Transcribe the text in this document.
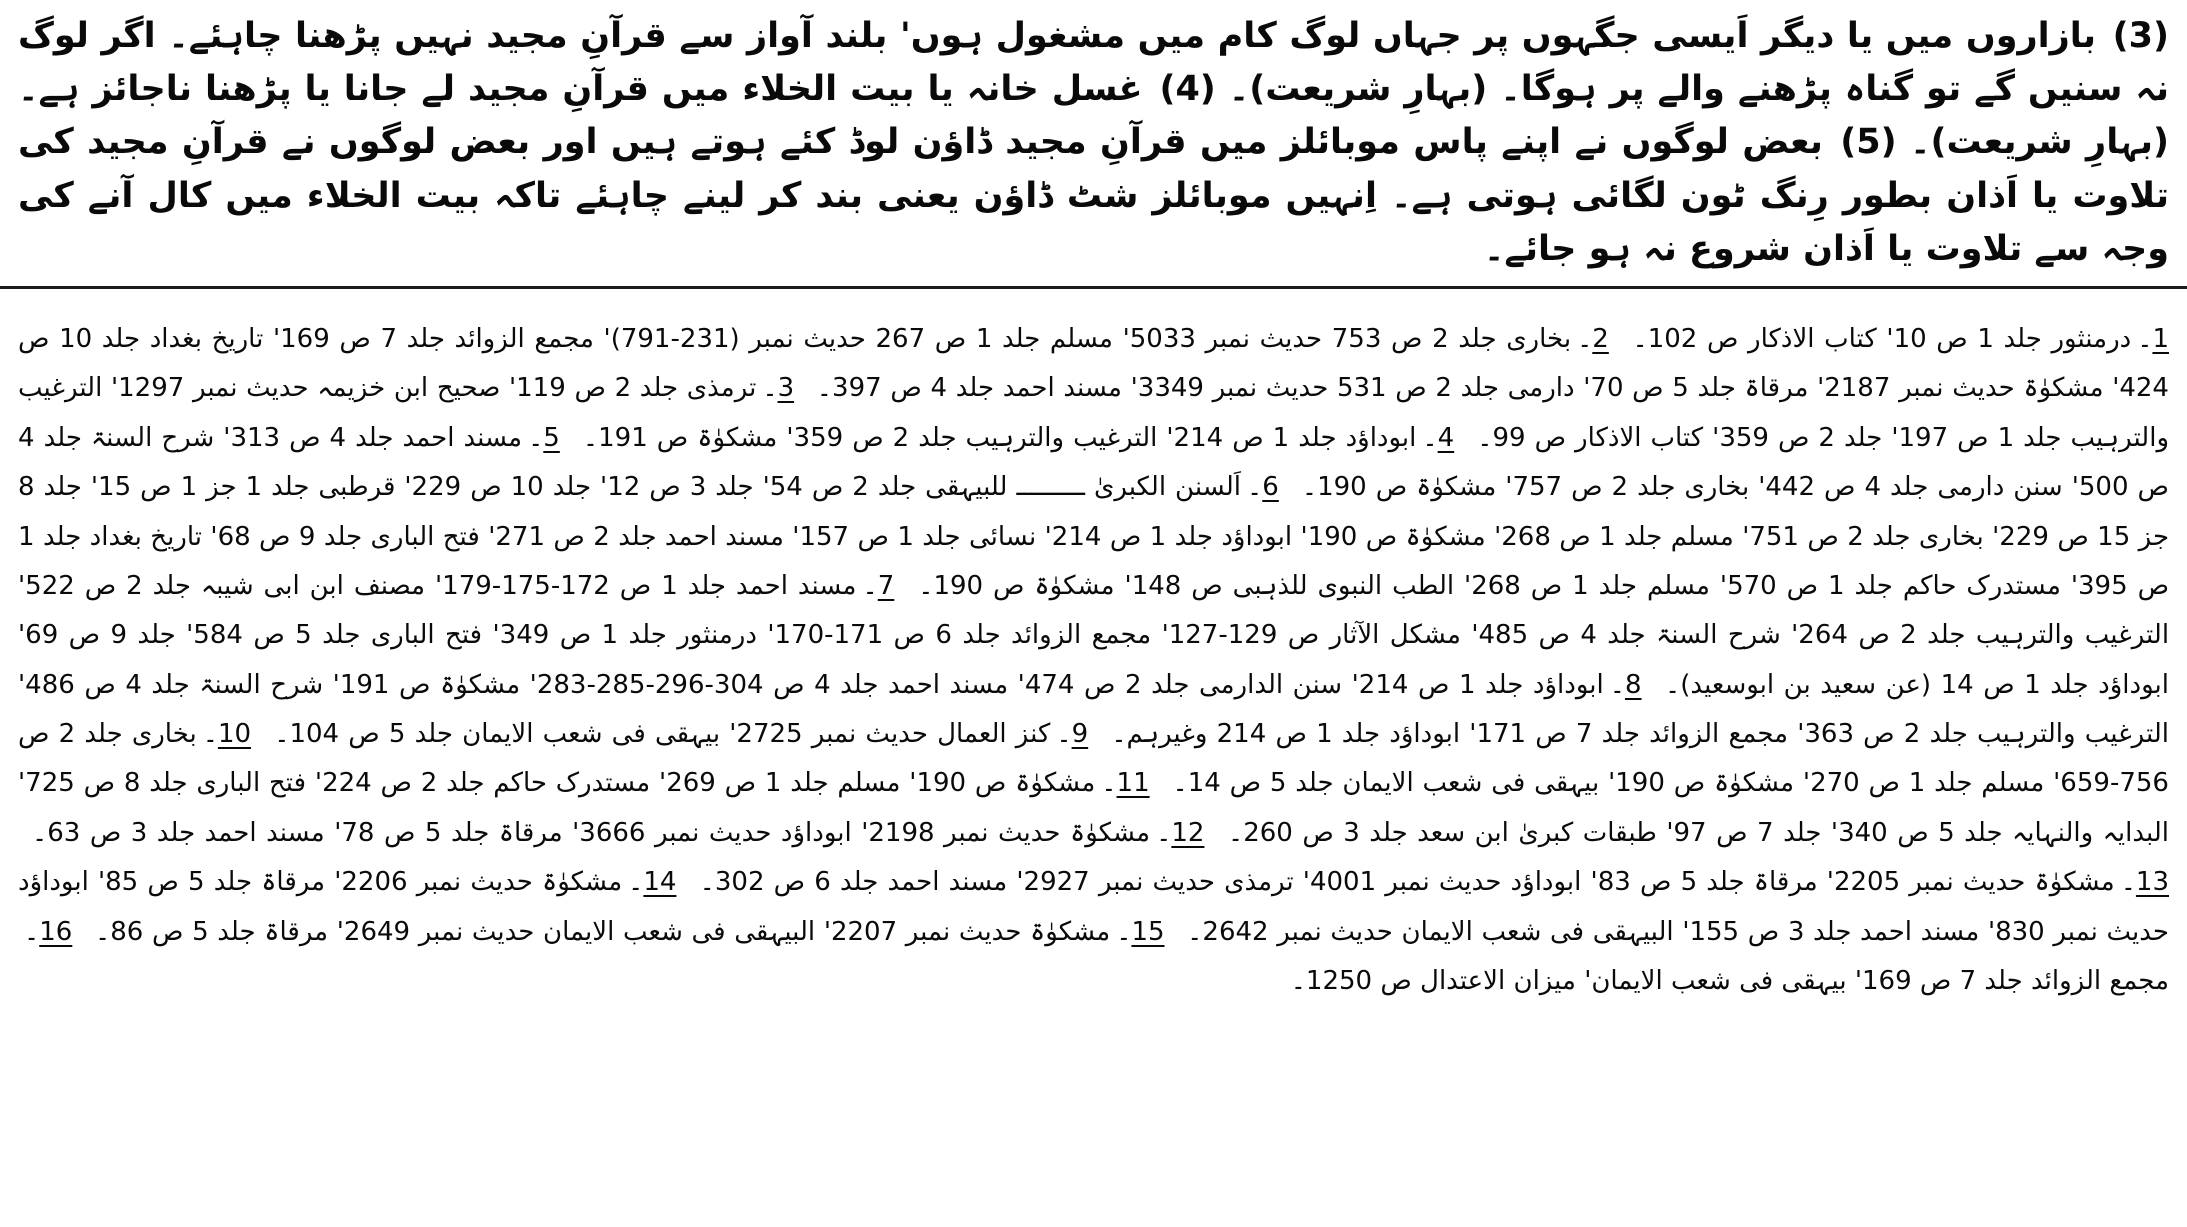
(3) بازاروں میں یا دیگر اَیسی جگہوں پر جہاں لوگ کام میں مشغول ہوں' بلند آواز سے قرآنِ مجید نہیں پڑھنا چاہئے۔ اگر لوگ نہ سنیں گے تو گناہ پڑھنے والے پر ہوگا۔ (بہارِ شریعت)۔ (4) غسل خانہ یا بیت الخلاء میں قرآنِ مجید لے جانا یا پڑھنا ناجائز ہے۔ (بہارِ شریعت)۔ (5) بعض لوگوں نے اپنے پاس موبائلز میں قرآنِ مجید ڈاؤن لوڈ کئے ہوتے ہیں اور بعض لوگوں نے قرآنِ مجید کی تلاوت یا اَذان بطور رِنگ ٹون لگائی ہوتی ہے۔ اِنہیں موبائلز شٹ ڈاؤن یعنی بند کر لینے چاہئے تاکہ بیت الخلاء میں کال آنے کی وجہ سے تلاوت یا اَذان شروع نہ ہو جائے۔

1۔درمنثور جلد 1 ص 10' کتاب الاذکار ص 102۔ 2۔بخاری جلد 2 ص 753 حدیث نمبر 5033' مسلم جلد 1 ص 267 حدیث نمبر (231-791)' مجمع الزوائد جلد 7 ص 169' تاریخ بغداد جلد 10 ص 424' مشکوٰۃ حدیث نمبر 2187' مرقاۃ جلد 5 ص 70' دارمی جلد 2 ص 531 حدیث نمبر 3349' مسند احمد جلد 4 ص 397۔ 3۔ترمذی جلد 2 ص 119' صحیح ابن خزیمہ حدیث نمبر 1297' الترغیب والترہیب جلد 1 ص 197' جلد 2 ص 359' کتاب الاذکار ص 99۔ 4۔ابوداؤد جلد 1 ص 214' الترغیب والترہیب جلد 2 ص 359' مشکوٰۃ ص 191۔ 5۔مسند احمد جلد 4 ص 313' شرح السنۃ جلد 4 ص 500' سنن دارمی جلد 4 ص 442' بخاری جلد 2 ص 757' مشکوٰۃ ص 190۔ 6۔اَلسنن الکبریٰ ـــــــــ للبیہقی جلد 2 ص 54' جلد 3 ص 12' جلد 10 ص 229' قرطبی جلد 1 جز 1 ص 15' جلد 8 جز 15 ص 229' بخاری جلد 2 ص 751' مسلم جلد 1 ص 268' مشکوٰۃ ص 190' ابوداؤد جلد 1 ص 214' نسائی جلد 1 ص 157' مسند احمد جلد 2 ص 271' فتح الباری جلد 9 ص 68' تاریخ بغداد جلد 1 ص 395' مستدرک حاکم جلد 1 ص 570' مسلم جلد 1 ص 268' الطب النبوی للذہبی ص 148' مشکوٰۃ ص 190۔ 7۔مسند احمد جلد 1 ص 172-175-179' مصنف ابن ابی شیبہ جلد 2 ص 522' الترغیب والترہیب جلد 2 ص 264' شرح السنۃ جلد 4 ص 485' مشکل الآثار ص 129-127' مجمع الزوائد جلد 6 ص 171-170' درمنثور جلد 1 ص 349' فتح الباری جلد 5 ص 584' جلد 9 ص 69' ابوداؤد جلد 1 ص 14 (عن سعید بن ابوسعید)۔ 8۔ابوداؤد جلد 1 ص 214' سنن الدارمی جلد 2 ص 474' مسند احمد جلد 4 ص 304-296-285-283' مشکوٰۃ ص 191' شرح السنۃ جلد 4 ص 486' الترغیب والترہیب جلد 2 ص 363' مجمع الزوائد جلد 7 ص 171' ابوداؤد جلد 1 ص 214 وغیرہم۔ 9۔کنز العمال حدیث نمبر 2725' بیہقی فی شعب الایمان جلد 5 ص 104۔ 10۔بخاری جلد 2 ص 756-659' مسلم جلد 1 ص 270' مشکوٰۃ ص 190' بیہقی فی شعب الایمان جلد 5 ص 14۔ 11۔مشکوٰۃ ص 190' مسلم جلد 1 ص 269' مستدرک حاکم جلد 2 ص 224' فتح الباری جلد 8 ص 725' البدایہ والنہایہ جلد 5 ص 340' جلد 7 ص 97' طبقات کبریٰ ابن سعد جلد 3 ص 260۔ 12۔مشکوٰۃ حدیث نمبر 2198' ابوداؤد حدیث نمبر 3666' مرقاۃ جلد 5 ص 78' مسند احمد جلد 3 ص 63۔ 13۔مشکوٰۃ حدیث نمبر 2205' مرقاۃ جلد 5 ص 83' ابوداؤد حدیث نمبر 4001' ترمذی حدیث نمبر 2927' مسند احمد جلد 6 ص 302۔ 14۔مشکوٰۃ حدیث نمبر 2206' مرقاۃ جلد 5 ص 85' ابوداؤد حدیث نمبر 830' مسند احمد جلد 3 ص 155' البیہقی فی شعب الایمان حدیث نمبر 2642۔ 15۔مشکوٰۃ حدیث نمبر 2207' البیہقی فی شعب الایمان حدیث نمبر 2649' مرقاۃ جلد 5 ص 86۔ 16۔مجمع الزوائد جلد 7 ص 169' بیہقی فی شعب الایمان' میزان الاعتدال ص 1250۔
